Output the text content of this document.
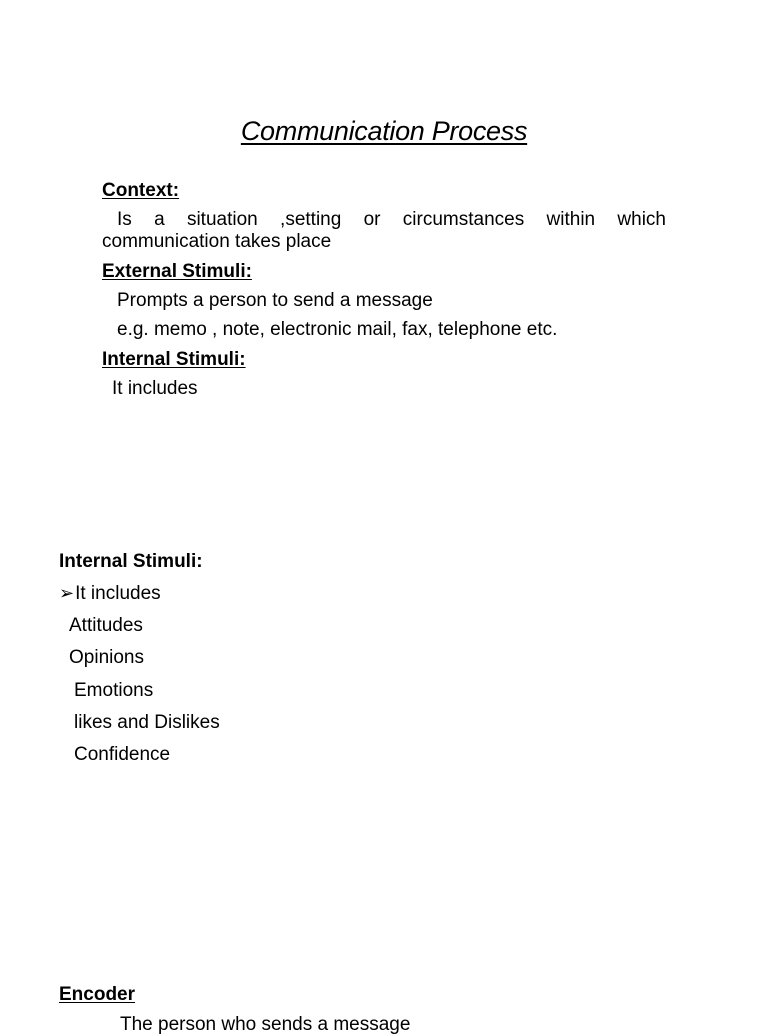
Communication Process
Context:
Is a situation ,setting or circumstances within which communication takes place
External Stimuli:
Prompts a person to send a message
e.g. memo , note, electronic mail, fax, telephone etc.
Internal Stimuli:
It includes
Internal Stimuli:
➢It includes
Attitudes
Opinions
Emotions
likes and Dislikes
Confidence
Encoder
The person who sends a message
